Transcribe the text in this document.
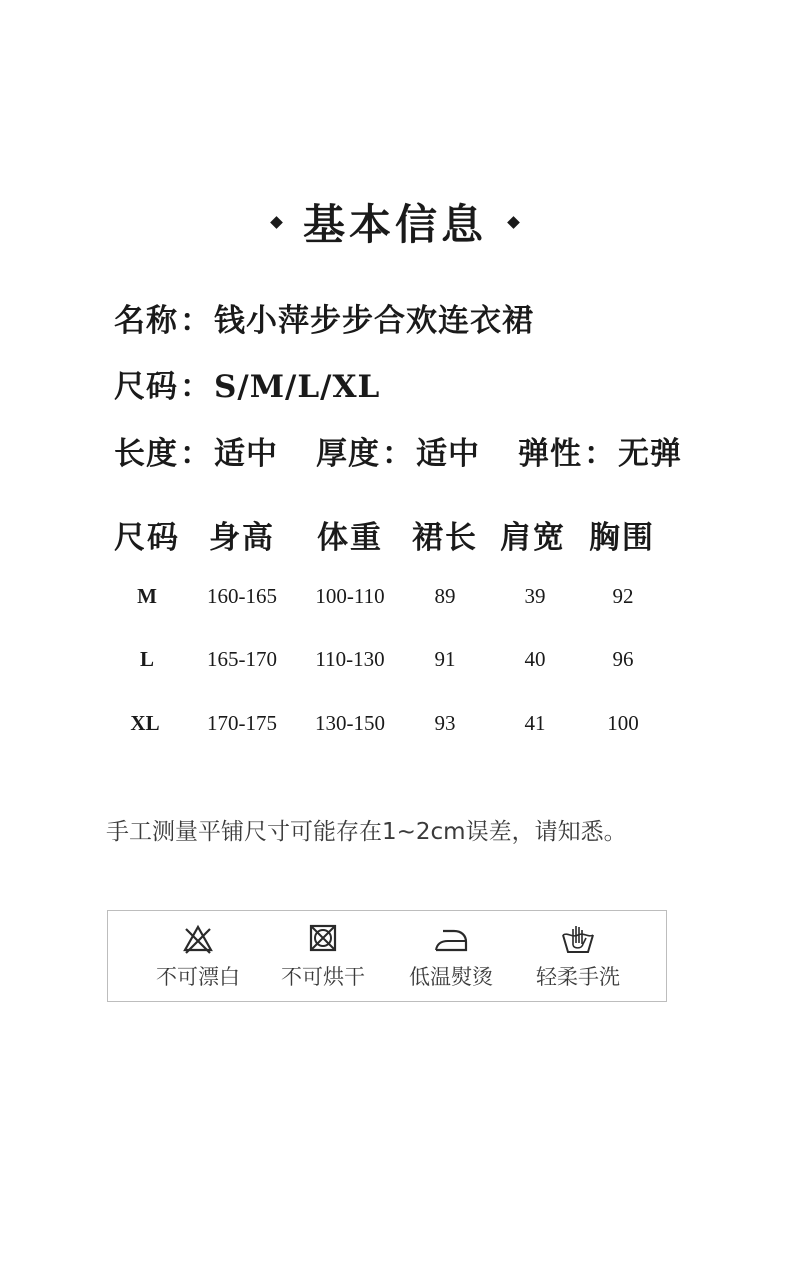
基本信息
名称：钱小萍步步合欢连衣裙
尺码：S/M/L/XL
长度：适中 厚度：适中 弹性：无弹
尺码 身高 体重 裙长 肩宽 胸围
M 160-165 100-110 89	39	92
L	165-170 110-130 91	40	96
XL 170-175 130-150 93	41	100
手工测量平铺尺寸可能存在1~2cm误差，请知悉。
不可漂白	不可烘干	低温熨烫	轻柔手洗
